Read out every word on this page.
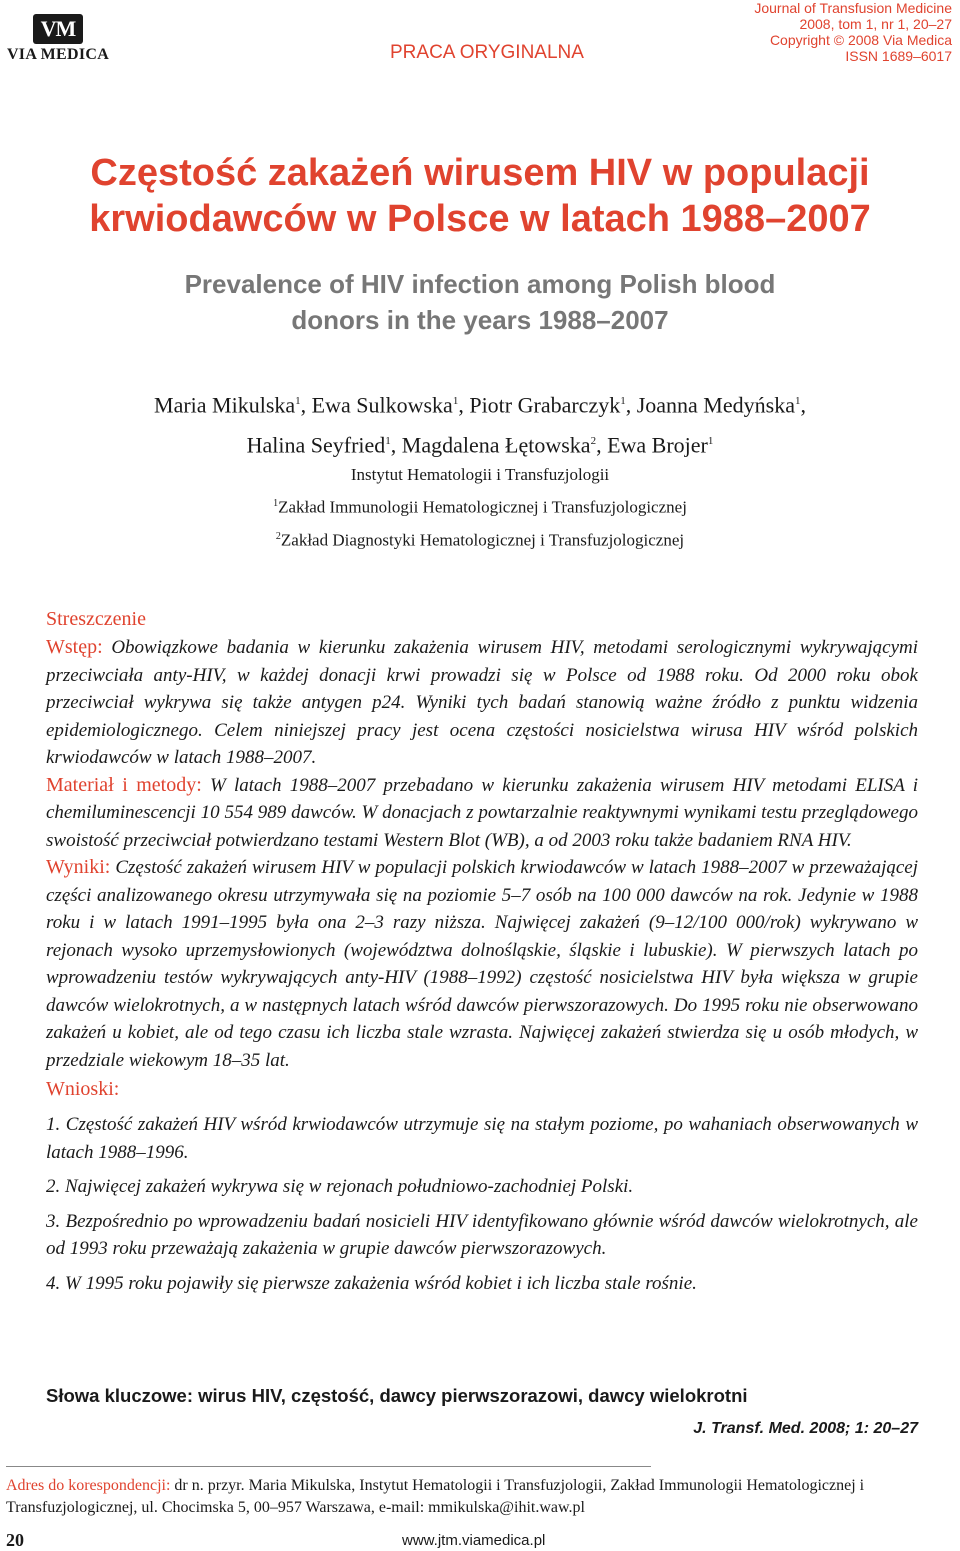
VM
VIA MEDICA	PRACA ORYGINALNA
Journal of Transfusion Medicine
2008, tom 1, nr 1, 20–27
Copyright © 2008 Via Medica
ISSN 1689–6017
Częstość zakażeń wirusem HIV w populacji
krwiodawców w Polsce w latach 1988–2007
Prevalence of HIV infection among Polish blood
donors in the years 1988–2007
Maria Mikulska$^1$, Ewa Sulkowska$^1$, Piotr Grabarczyk$^1$, Joanna Medyńska$^1$,
Halina Seyfried$^1$, Magdalena Łętowska$^2$, Ewa Brojer$^1$
Instytut Hematologii i Transfuzjologii
$^1$Zakład Immunologii Hematologicznej i Transfuzjologicznej
$^2$Zakład Diagnostyki Hematologicznej i Transfuzjologicznej
Streszczenie

Wstęp: Obowiązkowe badania w kierunku zakażenia wirusem HIV, metodami serologicznymi wykrywającymi przeciwciała anty-HIV, w każdej donacji krwi prowadzi się w Polsce od 1988 roku. Od 2000 roku obok przeciwciał wykrywa się także antygen p24. Wyniki tych badań stanowią ważne źródło z punktu widzenia epidemiologicznego. Celem niniejszej pracy jest ocena częstości nosicielstwa wirusa HIV wśród polskich krwiodawców w latach 1988–2007.

Materiał i metody: W latach 1988–2007 przebadano w kierunku zakażenia wirusem HIV metodami ELISA i chemiluminescencji 10 554 989 dawców. W donacjach z powtarzalnie reaktywnymi wynikami testu przeglądowego swoistość przeciwciał potwierdzano testami Western Blot (WB), a od 2003 roku także badaniem RNA HIV.

Wyniki: Częstość zakażeń wirusem HIV w populacji polskich krwiodawców w latach 1988–2007 w przeważającej części analizowanego okresu utrzymywała się na poziomie 5–7 osób na 100 000 dawców na rok. Jedynie w 1988 roku i w latach 1991–1995 była ona 2–3 razy niższa. Najwięcej zakażeń (9–12/100 000/rok) wykrywano w rejonach wysoko uprzemysłowionych (województwa dolnośląskie, śląskie i lubuskie). W pierwszych latach po wprowadzeniu testów wykrywających anty-HIV (1988–1992) częstość nosicielstwa HIV była większa w grupie dawców wielokrotnych, a w następnych latach wśród dawców pierwszorazowych. Do 1995 roku nie obserwowano zakażeń u kobiet, ale od tego czasu ich liczba stale wzrasta. Najwięcej zakażeń stwierdza się u osób młodych, w przedziale wiekowym 18–35 lat.

Wnioski:

1. Częstość zakażeń HIV wśród krwiodawców utrzymuje się na stałym poziome, po wahaniach obserwowanych w latach 1988–1996.

2. Najwięcej zakażeń wykrywa się w rejonach południowo-zachodniej Polski.

3. Bezpośrednio po wprowadzeniu badań nosicieli HIV identyfikowano głównie wśród dawców wielokrotnych, ale od 1993 roku przeważają zakażenia w grupie dawców pierwszorazowych.

4. W 1995 roku pojawiły się pierwsze zakażenia wśród kobiet i ich liczba stale rośnie.

Słowa kluczowe: wirus HIV, częstość, dawcy pierwszorazowi, dawcy wielokrotni
J. Transf. Med. 2008; 1: 20–27
Adres do korespondencji: dr n. przyr. Maria Mikulska, Instytut Hematologii i Transfuzjologii, Zakład Immunologii Hematologicznej i Transfuzjologicznej, ul. Chocimska 5, 00–957 Warszawa, e-mail: mmikulska@ihit.waw.pl
20	www.jtm.viamedica.pl
